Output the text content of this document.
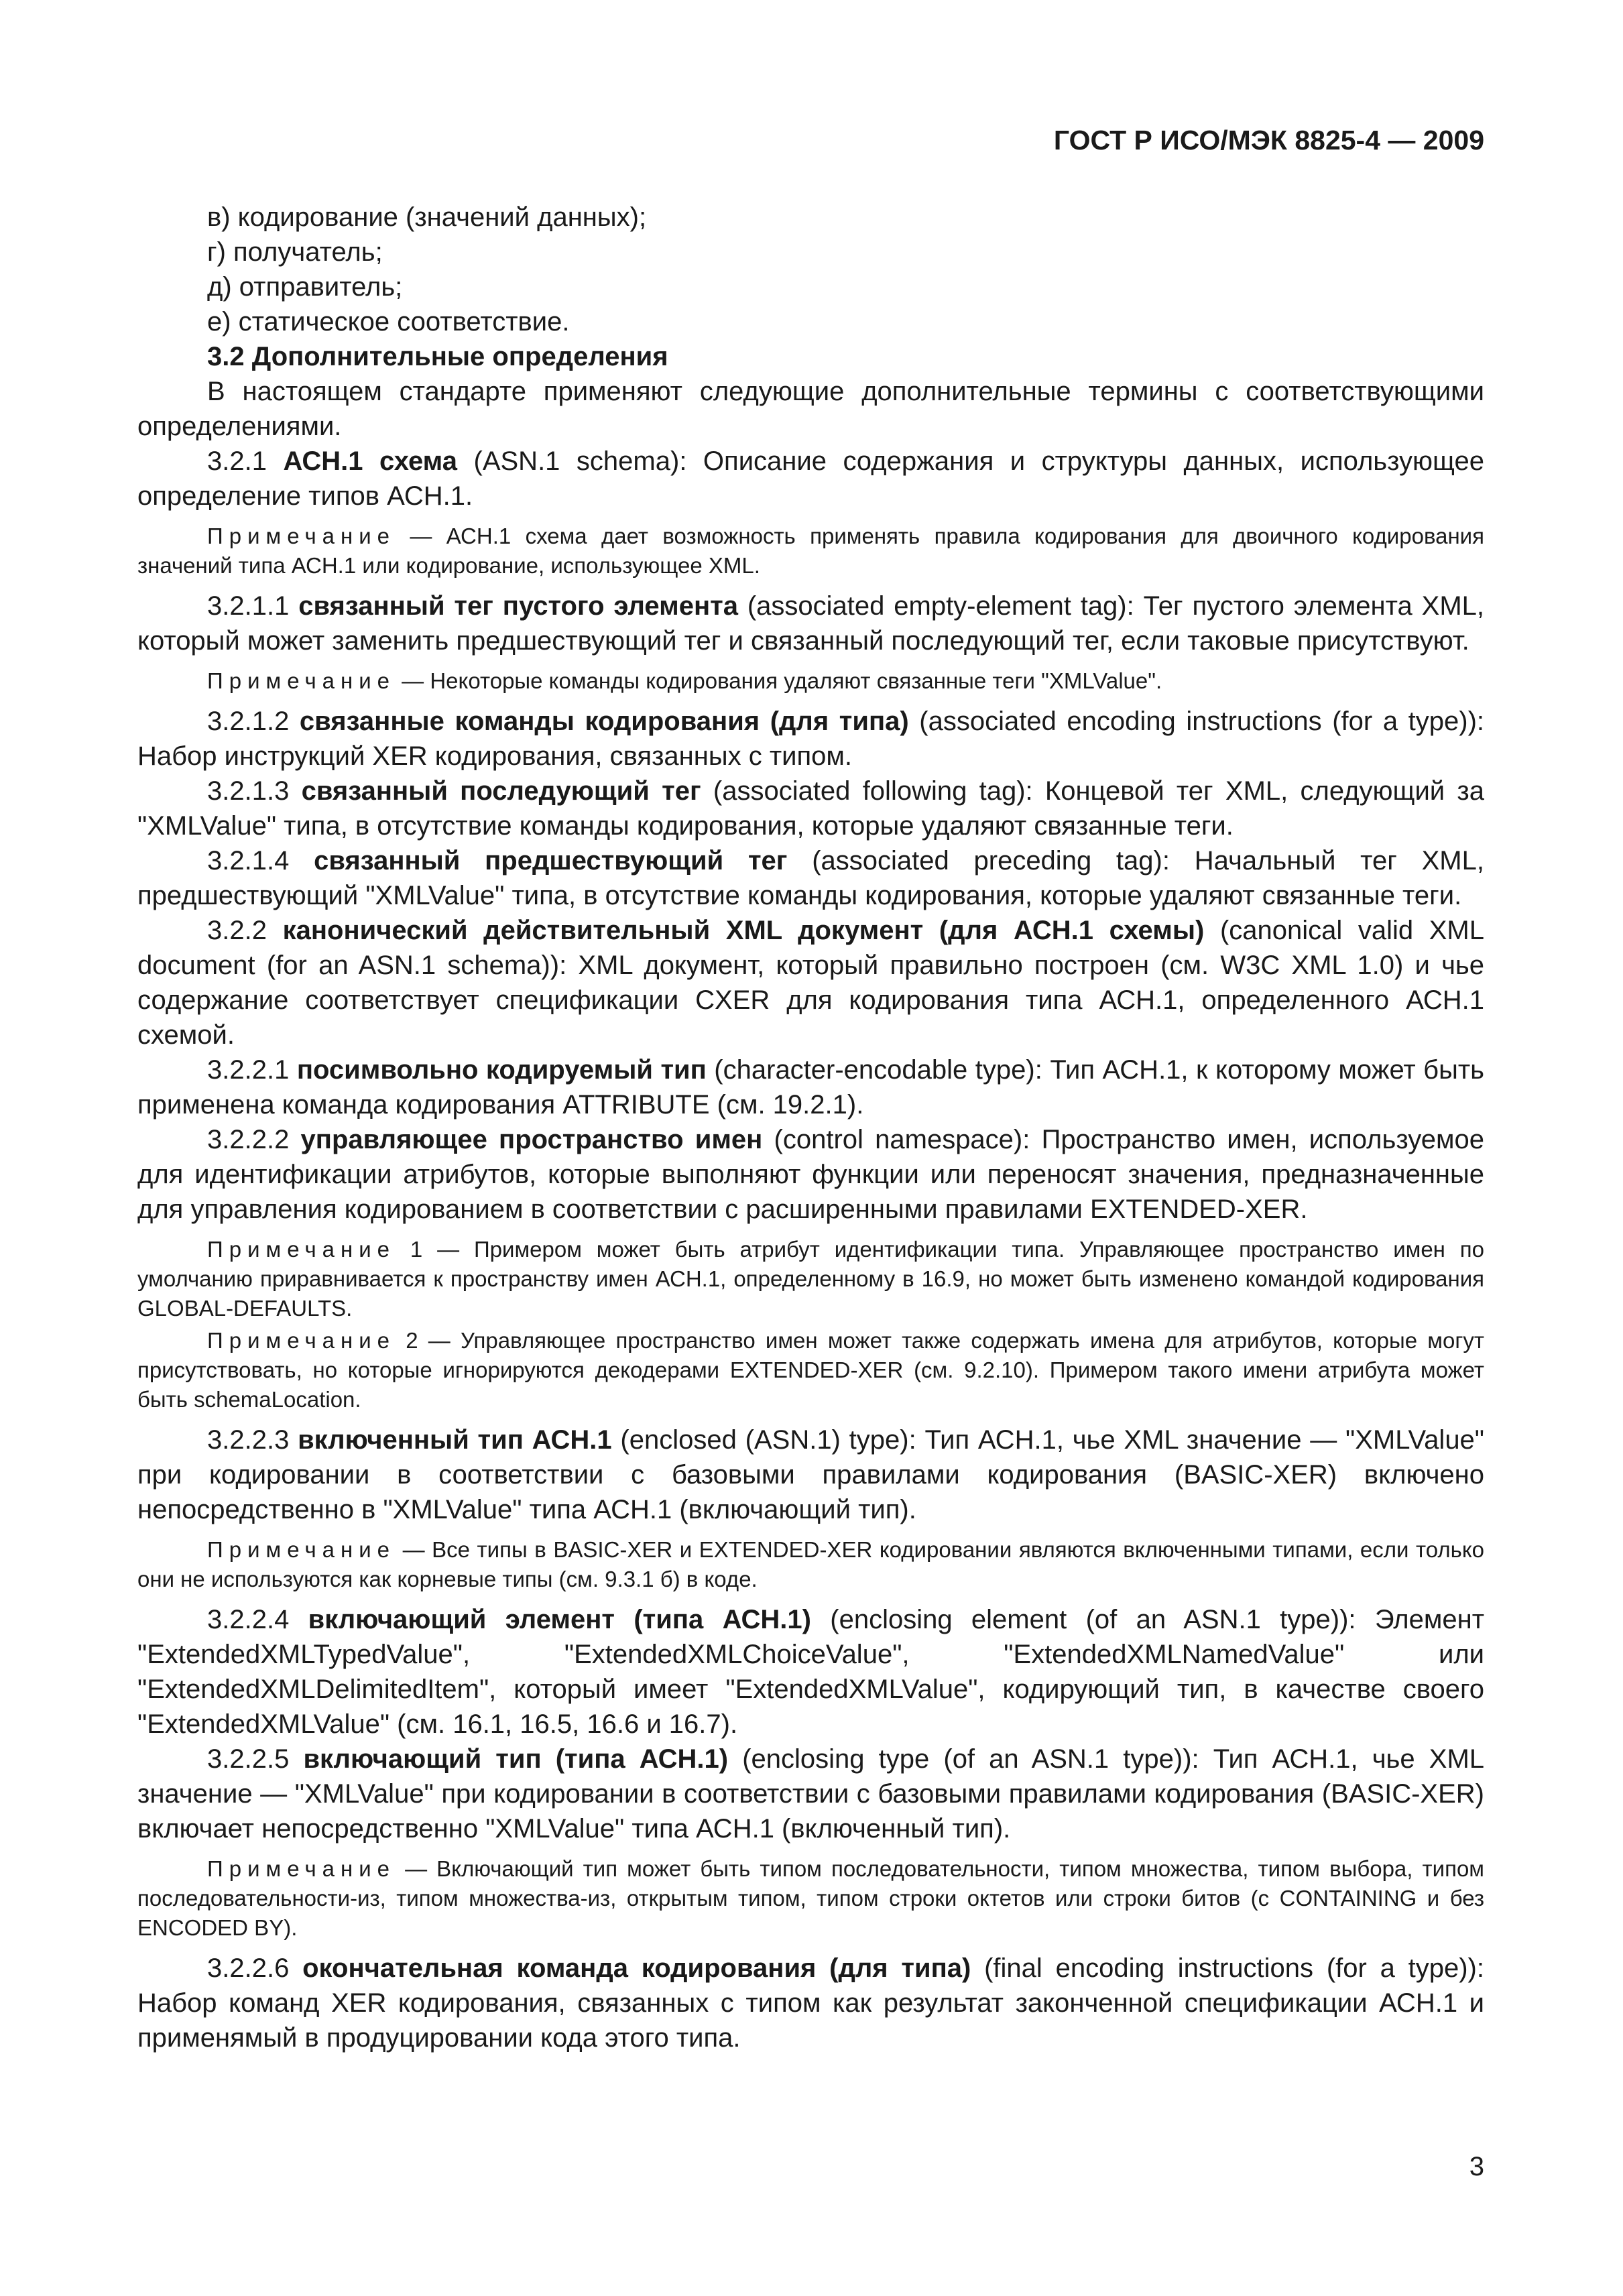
ГОСТ Р ИСО/МЭК 8825-4 — 2009

в) кодирование (значений данных);

г) получатель;

д) отправитель;

е) статическое соответствие.

3.2 Дополнительные определения

В настоящем стандарте применяют следующие дополнительные термины с соответствующими определениями.

3.2.1 АСН.1 схема (ASN.1 schema): Описание содержания и структуры данных, использующее определение типов АСН.1.

Примечание — АСН.1 схема дает возможность применять правила кодирования для двоичного кодирования значений типа АСН.1 или кодирование, использующее XML.

3.2.1.1 связанный тег пустого элемента (associated empty-element tag): Тег пустого элемента XML, который может заменить предшествующий тег и связанный последующий тег, если таковые присутствуют.

Примечание — Некоторые команды кодирования удаляют связанные теги "XMLValue".

3.2.1.2 связанные команды кодирования (для типа) (associated encoding instructions (for a type)): Набор инструкций XER кодирования, связанных с типом.

3.2.1.3 связанный последующий тег (associated following tag): Концевой тег XML, следующий за "XMLValue" типа, в отсутствие команды кодирования, которые удаляют связанные теги.

3.2.1.4 связанный предшествующий тег (associated preceding tag): Начальный тег XML, предшествующий "XMLValue" типа, в отсутствие команды кодирования, которые удаляют связанные теги.

3.2.2 канонический действительный XML документ (для АСН.1 схемы) (canonical valid XML document (for an ASN.1 schema)): XML документ, который правильно построен (см. W3C XML 1.0) и чье содержание соответствует спецификации CXER для кодирования типа АСН.1, определенного АСН.1 схемой.

3.2.2.1 посимвольно кодируемый тип (character-encodable type): Тип АСН.1, к которому может быть применена команда кодирования ATTRIBUTE (см. 19.2.1).

3.2.2.2 управляющее пространство имен (control namespace): Пространство имен, используемое для идентификации атрибутов, которые выполняют функции или переносят значения, предназначенные для управления кодированием в соответствии с расширенными правилами EXTENDED-XER.

Примечание 1 — Примером может быть атрибут идентификации типа. Управляющее пространство имен по умолчанию приравнивается к пространству имен АСН.1, определенному в 16.9, но может быть изменено командой кодирования GLOBAL-DEFAULTS.

Примечание 2 — Управляющее пространство имен может также содержать имена для атрибутов, которые могут присутствовать, но которые игнорируются декодерами EXTENDED-XER (см. 9.2.10). Примером такого имени атрибута может быть schemaLocation.

3.2.2.3 включенный тип АСН.1 (enclosed (ASN.1) type): Тип АСН.1, чье XML значение — "XMLValue" при кодировании в соответствии с базовыми правилами кодирования (BASIC-XER) включено непосредственно в "XMLValue" типа АСН.1 (включающий тип).

Примечание — Все типы в BASIC-XER и EXTENDED-XER кодировании являются включенными типами, если только они не используются как корневые типы (см. 9.3.1 б) в коде.

3.2.2.4 включающий элемент (типа АСН.1) (enclosing element (of an ASN.1 type)): Элемент "ExtendedXMLTypedValue", "ExtendedXMLChoiceValue", "ExtendedXMLNamedValue" или "ExtendedXMLDelimitedItem", который имеет "ExtendedXMLValue", кодирующий тип, в качестве своего "ExtendedXMLValue" (см. 16.1, 16.5, 16.6 и 16.7).

3.2.2.5 включающий тип (типа АСН.1) (enclosing type (of an ASN.1 type)): Тип АСН.1, чье XML значение — "XMLValue" при кодировании в соответствии с базовыми правилами кодирования (BASIC-XER) включает непосредственно "XMLValue" типа АСН.1 (включенный тип).

Примечание — Включающий тип может быть типом последовательности, типом множества, типом выбора, типом последовательности-из, типом множества-из, открытым типом, типом строки октетов или строки битов (с CONTAINING и без ENCODED BY).

3.2.2.6 окончательная команда кодирования (для типа) (final encoding instructions (for a type)): Набор команд XER кодирования, связанных с типом как результат законченной спецификации АСН.1 и применямый в продуцировании кода этого типа.

3
